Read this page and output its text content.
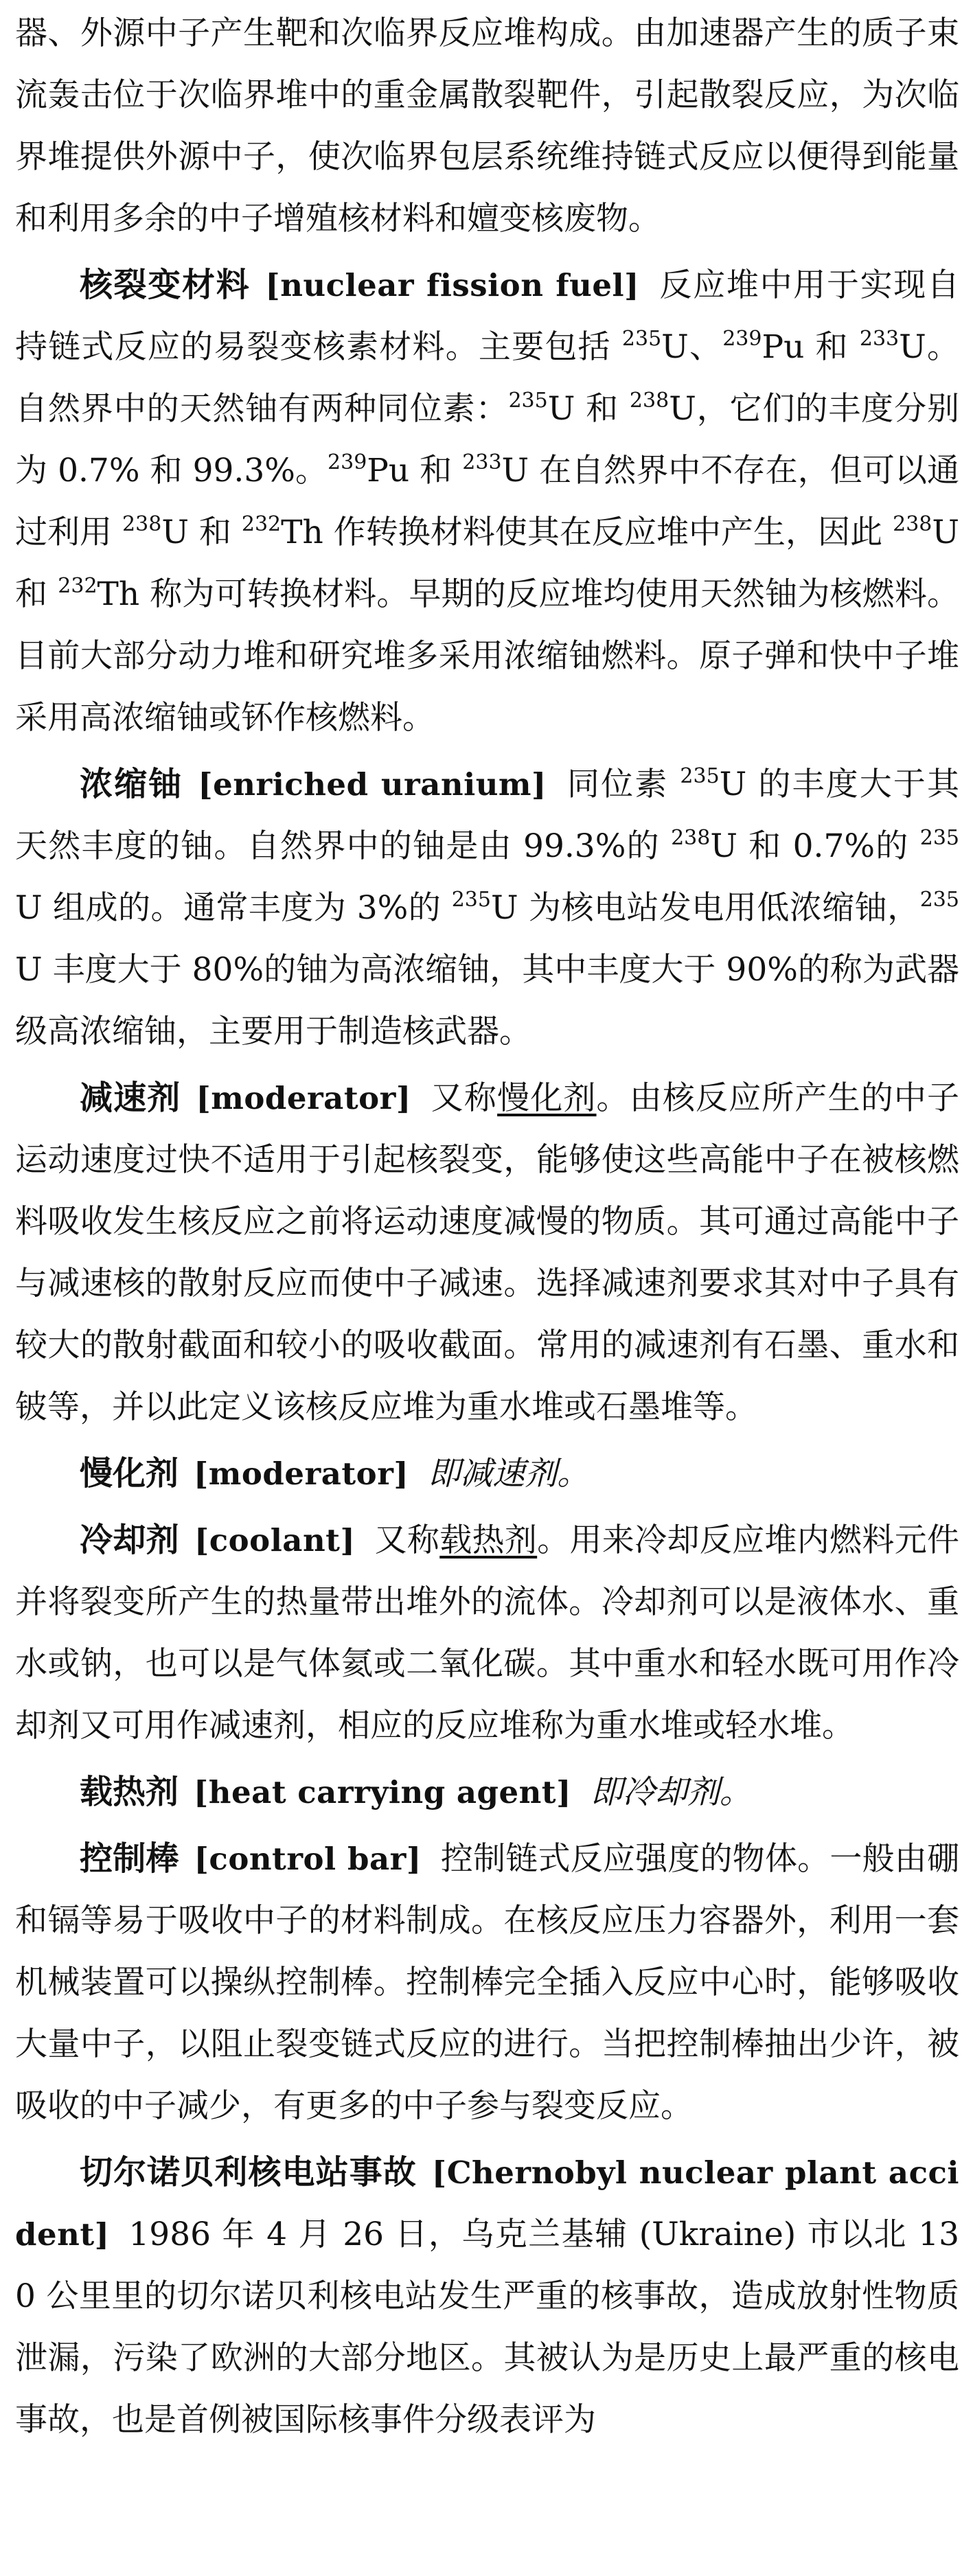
器、外源中子产生靶和次临界反应堆构成。由加速器产生的质子束流轰击位于次临界堆中的重金属散裂靶件，引起散裂反应，为次临界堆提供外源中子，使次临界包层系统维持链式反应以便得到能量和利用多余的中子增殖核材料和嬗变核废物。

核裂变材料 [nuclear fission fuel] 反应堆中用于实现自持链式反应的易裂变核素材料。主要包括 $^{235}$U、$^{239}$Pu 和 $^{233}$U。自然界中的天然铀有两种同位素：$^{235}$U 和 $^{238}$U，它们的丰度分别为 0.7% 和 99.3%。$^{239}$Pu 和 $^{233}$U 在自然界中不存在，但可以通过利用 $^{238}$U 和 $^{232}$Th 作转换材料使其在反应堆中产生，因此 $^{238}$U 和 $^{232}$Th 称为可转换材料。早期的反应堆均使用天然铀为核燃料。目前大部分动力堆和研究堆多采用浓缩铀燃料。原子弹和快中子堆采用高浓缩铀或钚作核燃料。

浓缩铀 [enriched uranium] 同位素 $^{235}$U 的丰度大于其天然丰度的铀。自然界中的铀是由 99.3%的 $^{238}$U 和 0.7%的 $^{235}$U 组成的。通常丰度为 3%的 $^{235}$U 为核电站发电用低浓缩铀，$^{235}$U 丰度大于 80%的铀为高浓缩铀，其中丰度大于 90%的称为武器级高浓缩铀，主要用于制造核武器。

减速剂 [moderator] 又称慢化剂。由核反应所产生的中子运动速度过快不适用于引起核裂变，能够使这些高能中子在被核燃料吸收发生核反应之前将运动速度减慢的物质。其可通过高能中子与减速核的散射反应而使中子减速。选择减速剂要求其对中子具有较大的散射截面和较小的吸收截面。常用的减速剂有石墨、重水和铍等，并以此定义该核反应堆为重水堆或石墨堆等。

慢化剂 [moderator] 即减速剂。

冷却剂 [coolant] 又称载热剂。用来冷却反应堆内燃料元件并将裂变所产生的热量带出堆外的流体。冷却剂可以是液体水、重水或钠，也可以是气体氦或二氧化碳。其中重水和轻水既可用作冷却剂又可用作减速剂，相应的反应堆称为重水堆或轻水堆。

载热剂 [heat carrying agent] 即冷却剂。

控制棒 [control bar] 控制链式反应强度的物体。一般由硼和镉等易于吸收中子的材料制成。在核反应压力容器外，利用一套机械装置可以操纵控制棒。控制棒完全插入反应中心时，能够吸收大量中子，以阻止裂变链式反应的进行。当把控制棒抽出少许，被吸收的中子减少，有更多的中子参与裂变反应。

切尔诺贝利核电站事故 [Chernobyl nuclear plant accident] 1986 年 4 月 26 日，乌克兰基辅 (Ukraine) 市以北 130 公里里的切尔诺贝利核电站发生严重的核事故，造成放射性物质泄漏，污染了欧洲的大部分地区。其被认为是历史上最严重的核电事故，也是首例被国际核事件分级表评为
